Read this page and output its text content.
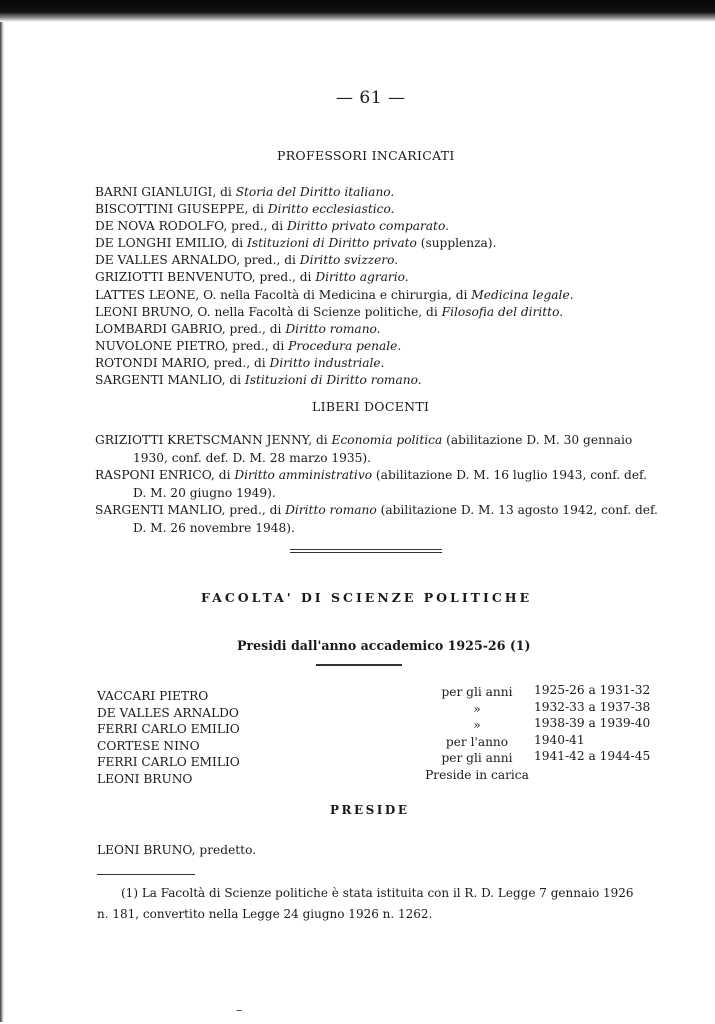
— 61 —
PROFESSORI INCARICATI
BARNI GIANLUIGI, di Storia del Diritto italiano.
BISCOTTINI GIUSEPPE, di Diritto ecclesiastico.
DE NOVA RODOLFO, pred., di Diritto privato comparato.
DE LONGHI EMILIO, di Istituzioni di Diritto privato (supplenza).
DE VALLES ARNALDO, pred., di Diritto svizzero.
GRIZIOTTI BENVENUTO, pred., di Diritto agrario.
LATTES LEONE, O. nella Facoltà di Medicina e chirurgia, di Medicina legale.
LEONI BRUNO, O. nella Facoltà di Scienze politiche, di Filosofia del diritto.
LOMBARDI GABRIO, pred., di Diritto romano.
NUVOLONE PIETRO, pred., di Procedura penale.
ROTONDI MARIO, pred., di Diritto industriale.
SARGENTI MANLIO, di Istituzioni di Diritto romano.
LIBERI DOCENTI
GRIZIOTTI KRETSCMANN JENNY, di Economia politica (abilitazione D. M. 30 gennaio
1930, conf. def. D. M. 28 marzo 1935).
RASPONI ENRICO, di Diritto amministrativo (abilitazione D. M. 16 luglio 1943, conf. def.
D. M. 20 giugno 1949).
SARGENTI MANLIO, pred., di Diritto romano (abilitazione D. M. 13 agosto 1942, conf. def.
D. M. 26 novembre 1948).
FACOLTA' DI SCIENZE POLITICHE
Presidi dall'anno accademico 1925-26 (1)
VACCARI PIETRO
DE VALLES ARNALDO
FERRI CARLO EMILIO
CORTESE NINO
FERRI CARLO EMILIO
LEONI BRUNO
per gli anni
»
»
per l'anno
per gli anni
Preside in carica
1925-26 a 1931-32
1932-33 a 1937-38
1938-39 a 1939-40
1940-41
1941-42 a 1944-45
PRESIDE
LEONI BRUNO, predetto.
(1) La Facoltà di Scienze politiche è stata istituita con il R. D. Legge 7 gennaio 1926
n. 181, convertito nella Legge 24 giugno 1926 n. 1262.
–
